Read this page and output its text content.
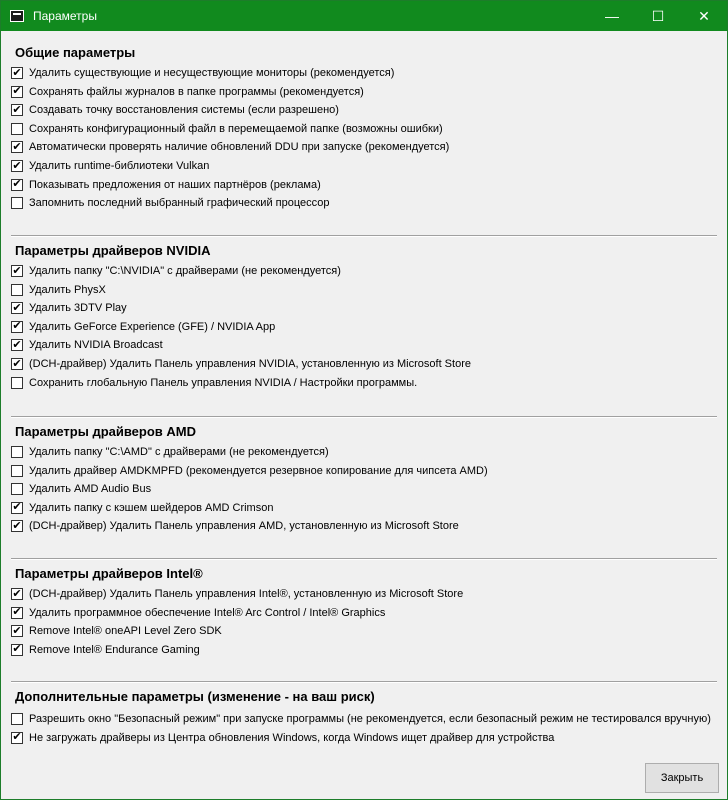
Параметры	— ☐ ✕
Общие параметры
✔ Удалить существующие и несуществующие мониторы (рекомендуется)
✔ Сохранять файлы журналов в папке программы (рекомендуется)
✔ Создавать точку восстановления системы (если разрешено)
Сохранять конфигурационный файл в перемещаемой папке (возможны ошибки)
✔ Автоматически проверять наличие обновлений DDU при запуске (рекомендуется)
✔ Удалить runtime-библиотеки Vulkan
✔ Показывать предложения от наших партнёров (реклама)
Запомнить последний выбранный графический процессор
Параметры драйверов NVIDIA
✔ Удалить папку "C:\NVIDIA" с драйверами (не рекомендуется)
Удалить PhysX
✔ Удалить 3DTV Play
✔ Удалить GeForce Experience (GFE) / NVIDIA App
✔ Удалить NVIDIA Broadcast
✔ (DCH-драйвер) Удалить Панель управления NVIDIA, установленную из Microsoft Store
Сохранить глобальную Панель управления NVIDIA / Настройки программы.
Параметры драйверов AMD
Удалить папку "C:\AMD" с драйверами (не рекомендуется)
Удалить драйвер AMDKMPFD (рекомендуется резервное копирование для чипсета AMD)
Удалить AMD Audio Bus
✔ Удалить папку с кэшем шейдеров AMD Crimson
✔ (DCH-драйвер) Удалить Панель управления AMD, установленную из Microsoft Store
Параметры драйверов Intel®
✔ (DCH-драйвер) Удалить Панель управления Intel®, установленную из Microsoft Store
✔ Удалить программное обеспечение Intel® Arc Control / Intel® Graphics
✔ Remove Intel® oneAPI Level Zero SDK
✔ Remove Intel® Endurance Gaming
Дополнительные параметры (изменение - на ваш риск)
Разрешить окно "Безопасный режим" при запуске программы (не рекомендуется, если безопасный режим не тестировался вручную)
✔ Не загружать драйверы из Центра обновления Windows, когда Windows ищет драйвер для устройства
Закрыть
